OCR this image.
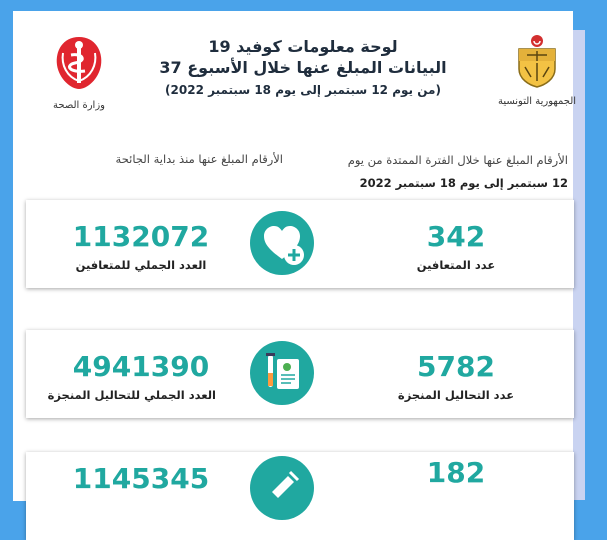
وزارة الصحة
لوحة معلومات كوفيد 19
البيانات المبلغ عنها خلال الأسبوع 37
(من يوم 12 سبتمبر إلى يوم 18 سبتمبر 2022)
الجمهورية التونسية
الأرقام المبلغ عنها خلال الفترة الممتدة من يوم
12 سبتمبر إلى يوم 18 سبتمبر 2022
الأرقام المبلغ عنها منذ بداية الجائحة
1132072
العدد الجملي للمتعافين
342
عدد المتعافين
4941390
العدد الجملي للتحاليل المنجزة
5782
عدد التحاليل المنجزة
1145345	182
